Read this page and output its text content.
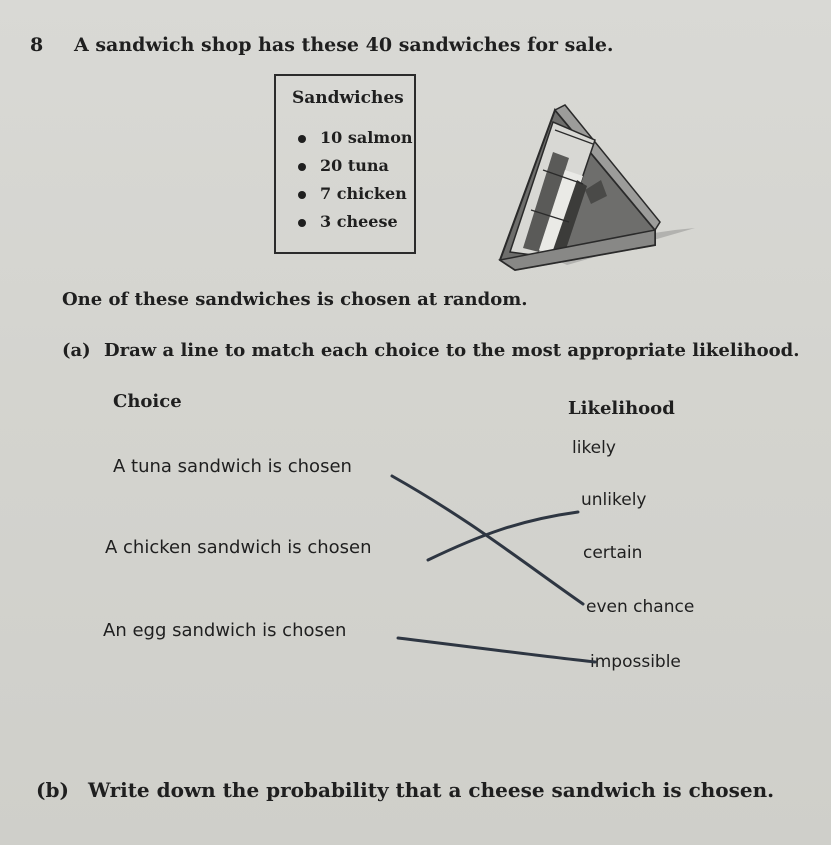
8 A sandwich shop has these 40 sandwiches for sale.
Sandwiches
10 salmon
20 tuna
7 chicken
3 cheese
One of these sandwiches is chosen at random.
(a) Draw a line to match each choice to the most appropriate likelihood.
Choice	Likelihood
A tuna sandwich is chosen
A chicken sandwich is chosen
An egg sandwich is chosen
likely
unlikely
certain
even chance
impossible
(b) Write down the probability that a cheese sandwich is chosen.
